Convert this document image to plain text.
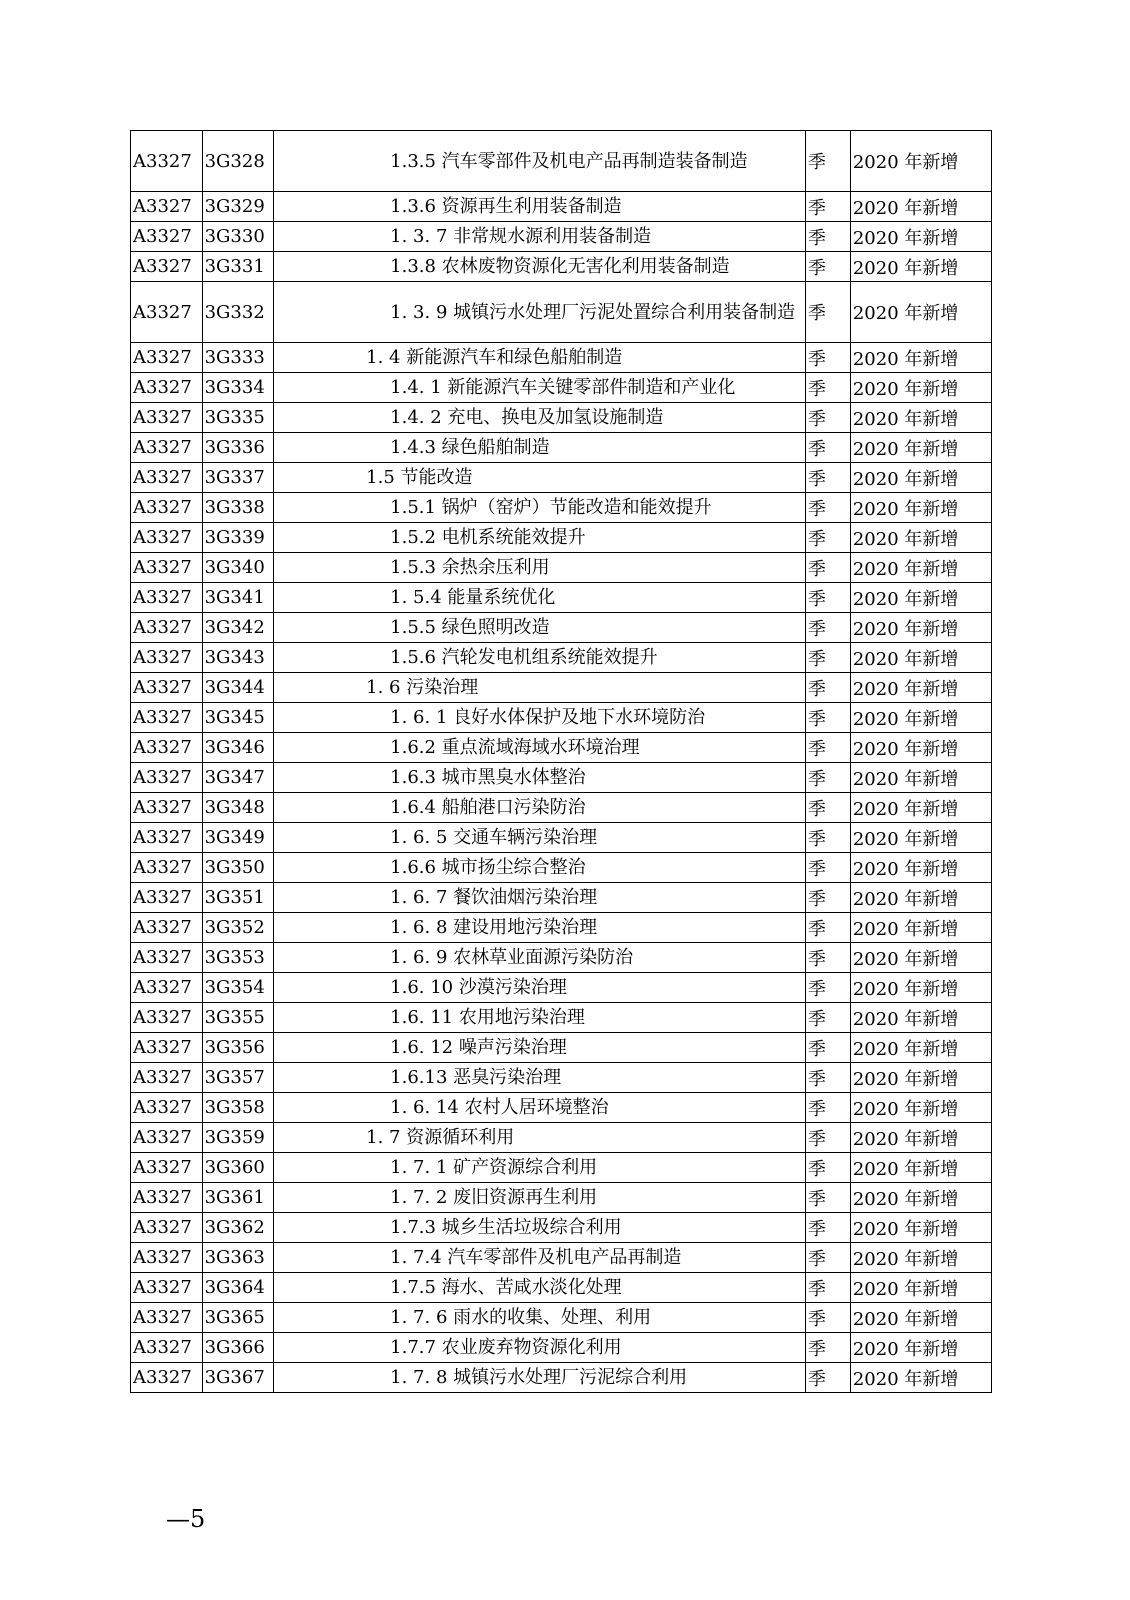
A3327	3G328	1.3.5 汽车零部件及机电产品再制造装备制造	季	2020 年新增
A3327	3G329	1.3.6 资源再生利用装备制造	季	2020 年新增
A3327	3G330	1. 3. 7 非常规水源利用装备制造	季	2020 年新增
A3327	3G331	1.3.8 农林废物资源化无害化利用装备制造	季	2020 年新增
A3327	3G332	1. 3. 9 城镇污水处理厂污泥处置综合利用装备制造	季	2020 年新增
A3327	3G333	1. 4 新能源汽车和绿色船舶制造	季	2020 年新增
A3327	3G334	1.4. 1 新能源汽车关键零部件制造和产业化	季	2020 年新增
A3327	3G335	1.4. 2 充电、换电及加氢设施制造	季	2020 年新增
A3327	3G336	1.4.3 绿色船舶制造	季	2020 年新增
A3327	3G337	1.5 节能改造	季	2020 年新增
A3327	3G338	1.5.1 锅炉（窑炉）节能改造和能效提升	季	2020 年新增
A3327	3G339	1.5.2 电机系统能效提升	季	2020 年新增
A3327	3G340	1.5.3 余热余压利用	季	2020 年新增
A3327	3G341	1. 5.4 能量系统优化	季	2020 年新增
A3327	3G342	1.5.5 绿色照明改造	季	2020 年新增
A3327	3G343	1.5.6 汽轮发电机组系统能效提升	季	2020 年新增
A3327	3G344	1. 6 污染治理	季	2020 年新增
A3327	3G345	1. 6. 1 良好水体保护及地下水环境防治	季	2020 年新增
A3327	3G346	1.6.2 重点流域海域水环境治理	季	2020 年新增
A3327	3G347	1.6.3 城市黑臭水体整治	季	2020 年新增
A3327	3G348	1.6.4 船舶港口污染防治	季	2020 年新增
A3327	3G349	1. 6. 5 交通车辆污染治理	季	2020 年新增
A3327	3G350	1.6.6 城市扬尘综合整治	季	2020 年新增
A3327	3G351	1. 6. 7 餐饮油烟污染治理	季	2020 年新增
A3327	3G352	1. 6. 8 建设用地污染治理	季	2020 年新增
A3327	3G353	1. 6. 9 农林草业面源污染防治	季	2020 年新增
A3327	3G354	1.6. 10 沙漠污染治理	季	2020 年新增
A3327	3G355	1.6. 11 农用地污染治理	季	2020 年新增
A3327	3G356	1.6. 12 噪声污染治理	季	2020 年新增
A3327	3G357	1.6.13 恶臭污染治理	季	2020 年新增
A3327	3G358	1. 6. 14 农村人居环境整治	季	2020 年新增
A3327	3G359	1. 7 资源循环利用	季	2020 年新增
A3327	3G360	1. 7. 1 矿产资源综合利用	季	2020 年新增
A3327	3G361	1. 7. 2 废旧资源再生利用	季	2020 年新增
A3327	3G362	1.7.3 城乡生活垃圾综合利用	季	2020 年新增
A3327	3G363	1. 7.4 汽车零部件及机电产品再制造	季	2020 年新增
A3327	3G364	1.7.5 海水、苦咸水淡化处理	季	2020 年新增
A3327	3G365	1. 7. 6 雨水的收集、处理、利用	季	2020 年新增
A3327	3G366	1.7.7 农业废弃物资源化利用	季	2020 年新增
A3327	3G367	1. 7. 8 城镇污水处理厂污泥综合利用	季	2020 年新增
—5
